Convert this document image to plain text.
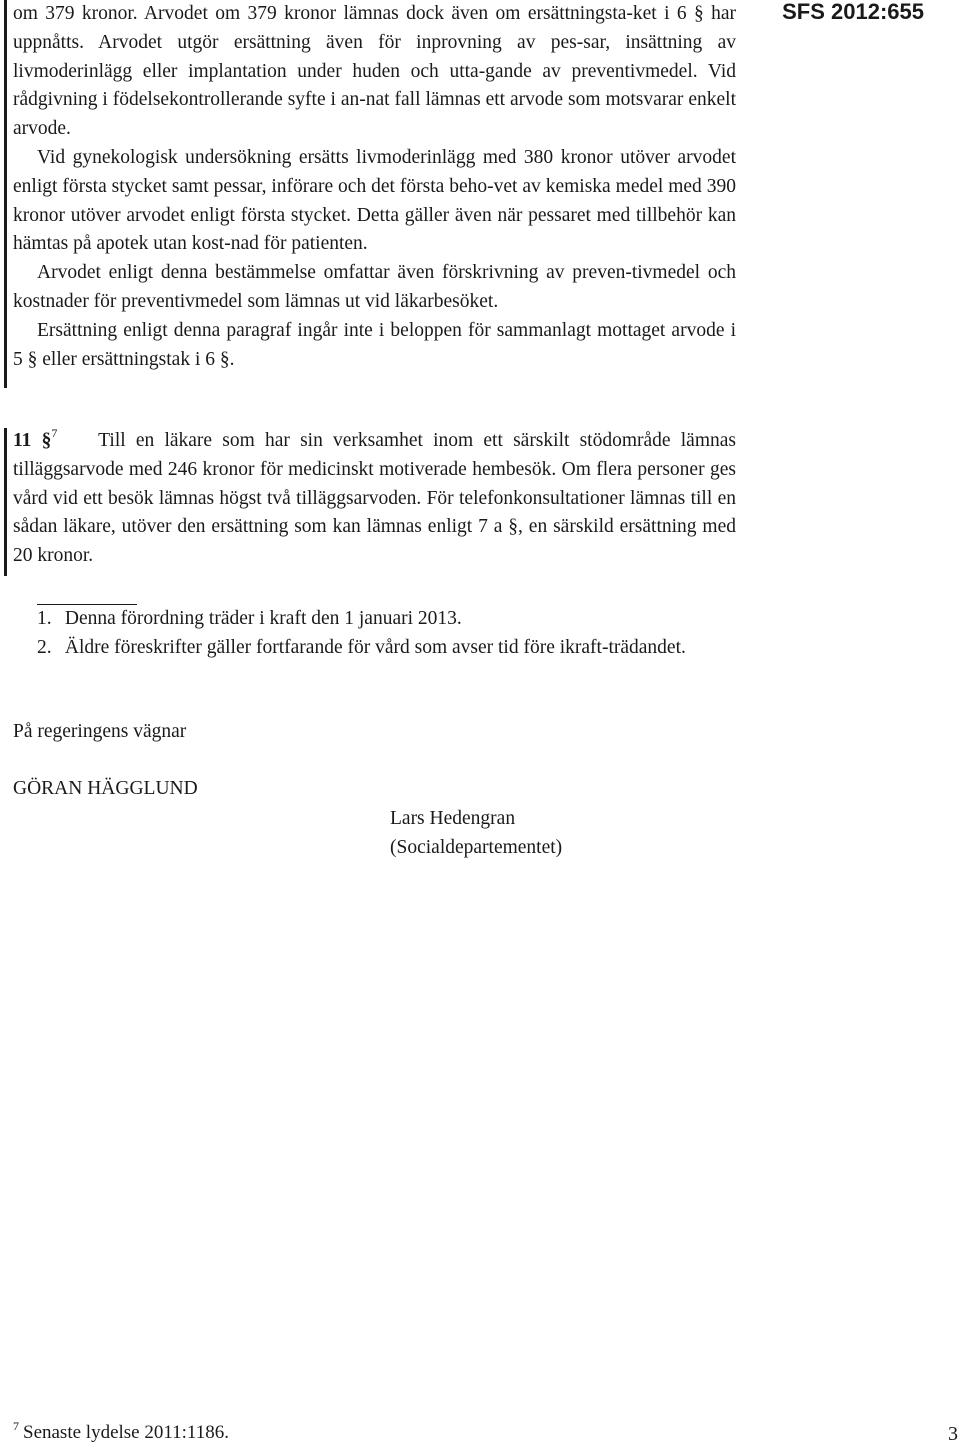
SFS 2012:655

om 379 kronor. Arvodet om 379 kronor lämnas dock även om ersättningsta-ket i 6 § har uppnåtts. Arvodet utgör ersättning även för inprovning av pes-sar, insättning av livmoderinlägg eller implantation under huden och utta-gande av preventivmedel. Vid rådgivning i födelsekontrollerande syfte i an-nat fall lämnas ett arvode som motsvarar enkelt arvode.

Vid gynekologisk undersökning ersätts livmoderinlägg med 380 kronor utöver arvodet enligt första stycket samt pessar, införare och det första beho-vet av kemiska medel med 390 kronor utöver arvodet enligt första stycket. Detta gäller även när pessaret med tillbehör kan hämtas på apotek utan kost-nad för patienten.

Arvodet enligt denna bestämmelse omfattar även förskrivning av preven-tivmedel och kostnader för preventivmedel som lämnas ut vid läkarbesöket.

Ersättning enligt denna paragraf ingår inte i beloppen för sammanlagt mottaget arvode i 5 § eller ersättningstak i 6 §.

11 §$^7$ Till en läkare som har sin verksamhet inom ett särskilt stödområde lämnas tilläggsarvode med 246 kronor för medicinskt motiverade hembesök. Om flera personer ges vård vid ett besök lämnas högst två tilläggsarvoden. För telefonkonsultationer lämnas till en sådan läkare, utöver den ersättning som kan lämnas enligt 7 a §, en särskild ersättning med 20 kronor.

1. Denna förordning träder i kraft den 1 januari 2013.

2. Äldre föreskrifter gäller fortfarande för vård som avser tid före ikraft-trädandet.

På regeringens vägnar
GÖRAN HÄGGLUND
Lars Hedengran
(Socialdepartementet)
$^7$ Senaste lydelse 2011:1186.	3
